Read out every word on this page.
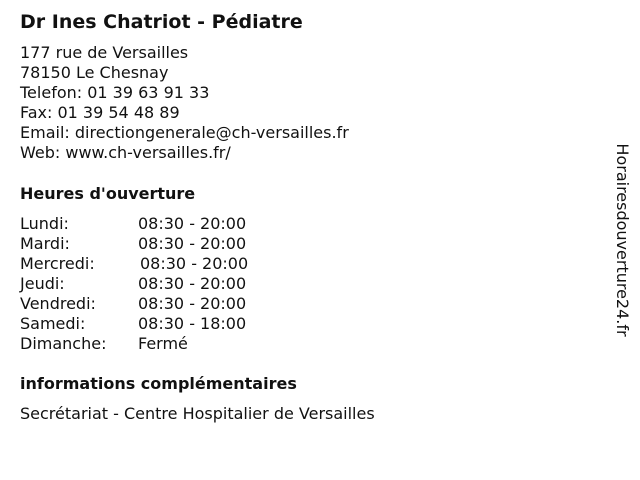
Dr Ines Chatriot - Pédiatre
177 rue de Versailles
78150 Le Chesnay
Telefon: 01 39 63 91 33
Fax: 01 39 54 48 89
Email: directiongenerale@ch-versailles.fr
Web: www.ch-versailles.fr/
Heures d'ouverture
Lundi:	08:30 - 20:00
Mardi:	08:30 - 20:00
Mercredi:	08:30 - 20:00
Jeudi:	08:30 - 20:00
Vendredi:	08:30 - 20:00
Samedi:	08:30 - 18:00
Dimanche: Fermé
informations complémentaires
Secrétariat - Centre Hospitalier de Versailles
Horairesdouverture24.fr
